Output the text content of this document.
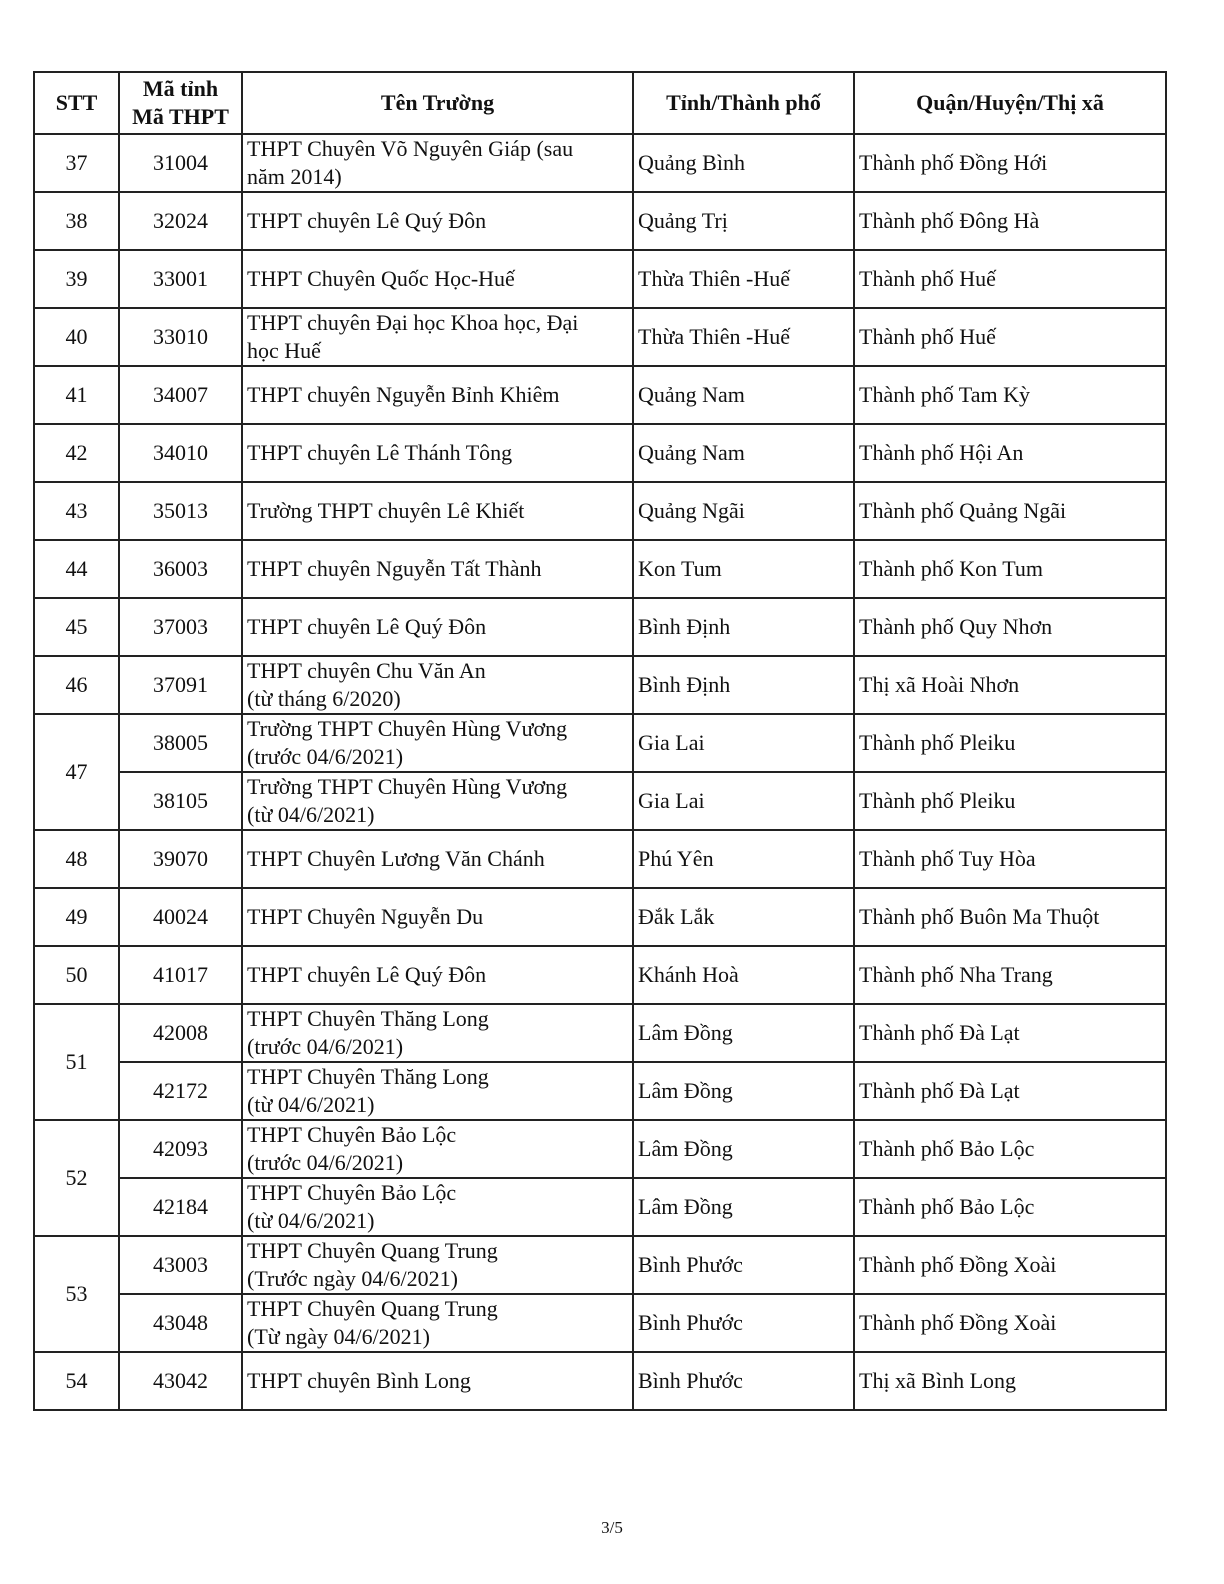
STT	Mã tỉnh
Mã THPT	Tên Trường	Tỉnh/Thành phố	Quận/Huyện/Thị xã
37	31004	THPT Chuyên Võ Nguyên Giáp (sau
năm 2014)	Quảng Bình	Thành phố Đồng Hới
38	32024	THPT chuyên Lê Quý Đôn	Quảng Trị	Thành phố Đông Hà
39	33001	THPT Chuyên Quốc Học-Huế	Thừa Thiên -Huế	Thành phố Huế
40	33010	THPT chuyên Đại học Khoa học, Đại
học Huế	Thừa Thiên -Huế	Thành phố Huế
41	34007	THPT chuyên Nguyễn Bỉnh Khiêm	Quảng Nam	Thành phố Tam Kỳ
42	34010	THPT chuyên Lê Thánh Tông	Quảng Nam	Thành phố Hội An
43	35013	Trường THPT chuyên Lê Khiết	Quảng Ngãi	Thành phố Quảng Ngãi
44	36003	THPT chuyên Nguyễn Tất Thành	Kon Tum	Thành phố Kon Tum
45	37003	THPT chuyên Lê Quý Đôn	Bình Định	Thành phố Quy Nhơn
46	37091	THPT chuyên Chu Văn An
(từ tháng 6/2020)	Bình Định	Thị xã Hoài Nhơn
47	38005	Trường THPT Chuyên Hùng Vương
(trước 04/6/2021)	Gia Lai	Thành phố Pleiku
	38105	Trường THPT Chuyên Hùng Vương
(từ 04/6/2021)	Gia Lai	Thành phố Pleiku
48	39070	THPT Chuyên Lương Văn Chánh	Phú Yên	Thành phố Tuy Hòa
49	40024	THPT Chuyên Nguyễn Du	Đắk Lắk	Thành phố Buôn Ma Thuột
50	41017	THPT chuyên Lê Quý Đôn	Khánh Hoà	Thành phố Nha Trang
51	42008	THPT Chuyên Thăng Long
(trước 04/6/2021)	Lâm Đồng	Thành phố Đà Lạt
	42172	THPT Chuyên Thăng Long
(từ 04/6/2021)	Lâm Đồng	Thành phố Đà Lạt
52	42093	THPT Chuyên Bảo Lộc
(trước 04/6/2021)	Lâm Đồng	Thành phố Bảo Lộc
	42184	THPT Chuyên Bảo Lộc
(từ 04/6/2021)	Lâm Đồng	Thành phố Bảo Lộc
53	43003	THPT Chuyên Quang Trung
(Trước ngày 04/6/2021)	Bình Phước	Thành phố Đồng Xoài
	43048	THPT Chuyên Quang Trung
(Từ ngày 04/6/2021)	Bình Phước	Thành phố Đồng Xoài
54	43042	THPT chuyên Bình Long	Bình Phước	Thị xã Bình Long
3/5
